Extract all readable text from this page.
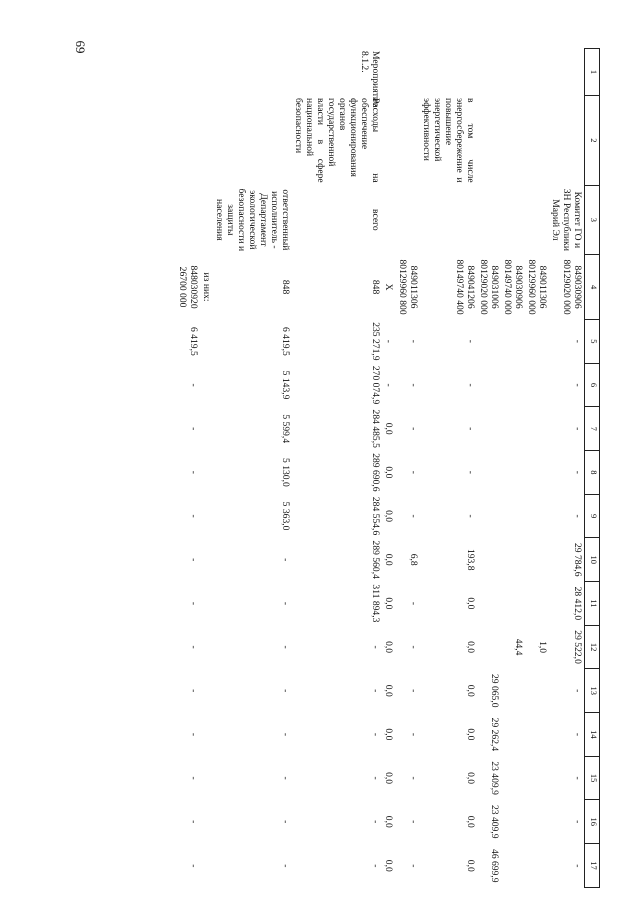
69
1	2	3	4	5	6	7	8	9	10	11	12	13	14	15	16	17
		Комитет ГО и ЗН Республики Марий Эл	849030906 80129020 000	-	-	-	-	-	29 784,6	28 412,0	29 522,0	-	-	-	-	-
			849011306 80129960 000								1,0					
			849030906 80149740 000								44,4					
			849031006 80129020 000									29 065,0	29 262,4	23 409,9	23 409,9	46 699,9
	в том числе энергосбережение и повышение энергетической эффективности		849041206 80149740 400	-	-	-	-	-	193,8	0,0	0,0	0,0	0,0	0,0	0,0	0,0
			849011306 80129960 800	-	-	-	-	-	6,8	-	-	-	-	-	-	-
			X	-	-	0,0	0,0	0,0	0,0	0,0	0,0	0,0	0,0	0,0	0,0	0,0
Мероприятие 8.1.2.	Расходы на обеспечение функционирования органов государственной власти в сфере национальной безопасности	всего	848	235 271,9	270 074,9	284 485,5	289 690,6	284 554,6	289 560,4	311 894,3	-	-	-	-	-	-
		ответственный исполнитель - Департамент экологической безопасности и защиты населения	848	6 419,5	5 143,9	5 599,4	5 130,0	5 363,0	-	-	-	-	-	-	-	-
			из них:													
			848030920 26700 000	6 419,5	-	-	-	-	-	-	-	-	-	-	-	-
